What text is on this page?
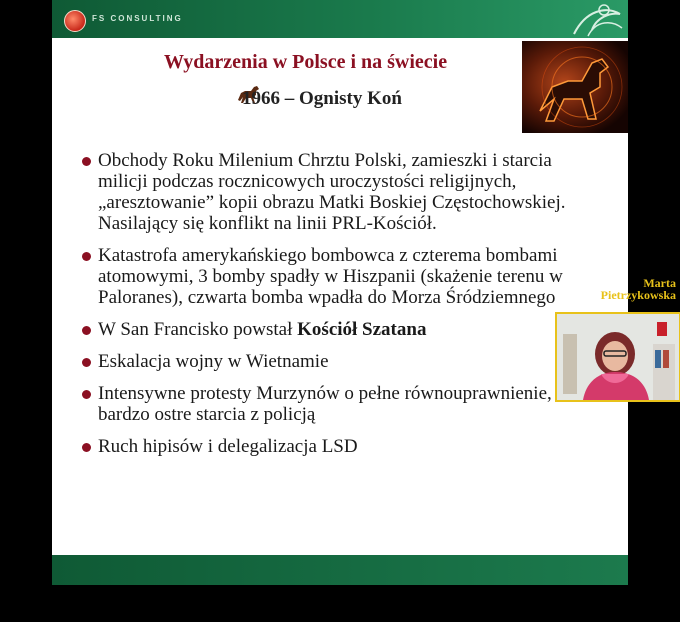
FS CONSULTING
Wydarzenia w Polsce i na świecie
1966 – Ognisty Koń
Obchody Roku Milenium Chrztu Polski, zamieszki i starcia milicji podczas rocznicowych uroczystości religijnych, „aresztowanie” kopii obrazu Matki Boskiej Częstochowskiej. Nasilający się konflikt na linii PRL-Kościół.
Katastrofa amerykańskiego bombowca z czterema bombami atomowymi, 3 bomby spadły w Hiszpanii (skażenie terenu w Paloranes), czwarta bomba wpadła do Morza Śródziemnego
W San Francisko powstał Kościół Szatana
Eskalacja wojny w Wietnamie
Intensywne protesty Murzynów o pełne równouprawnienie, bardzo ostre starcia z policją
Ruch hipisów i delegalizacja LSD
Marta
Pietrzykowska
